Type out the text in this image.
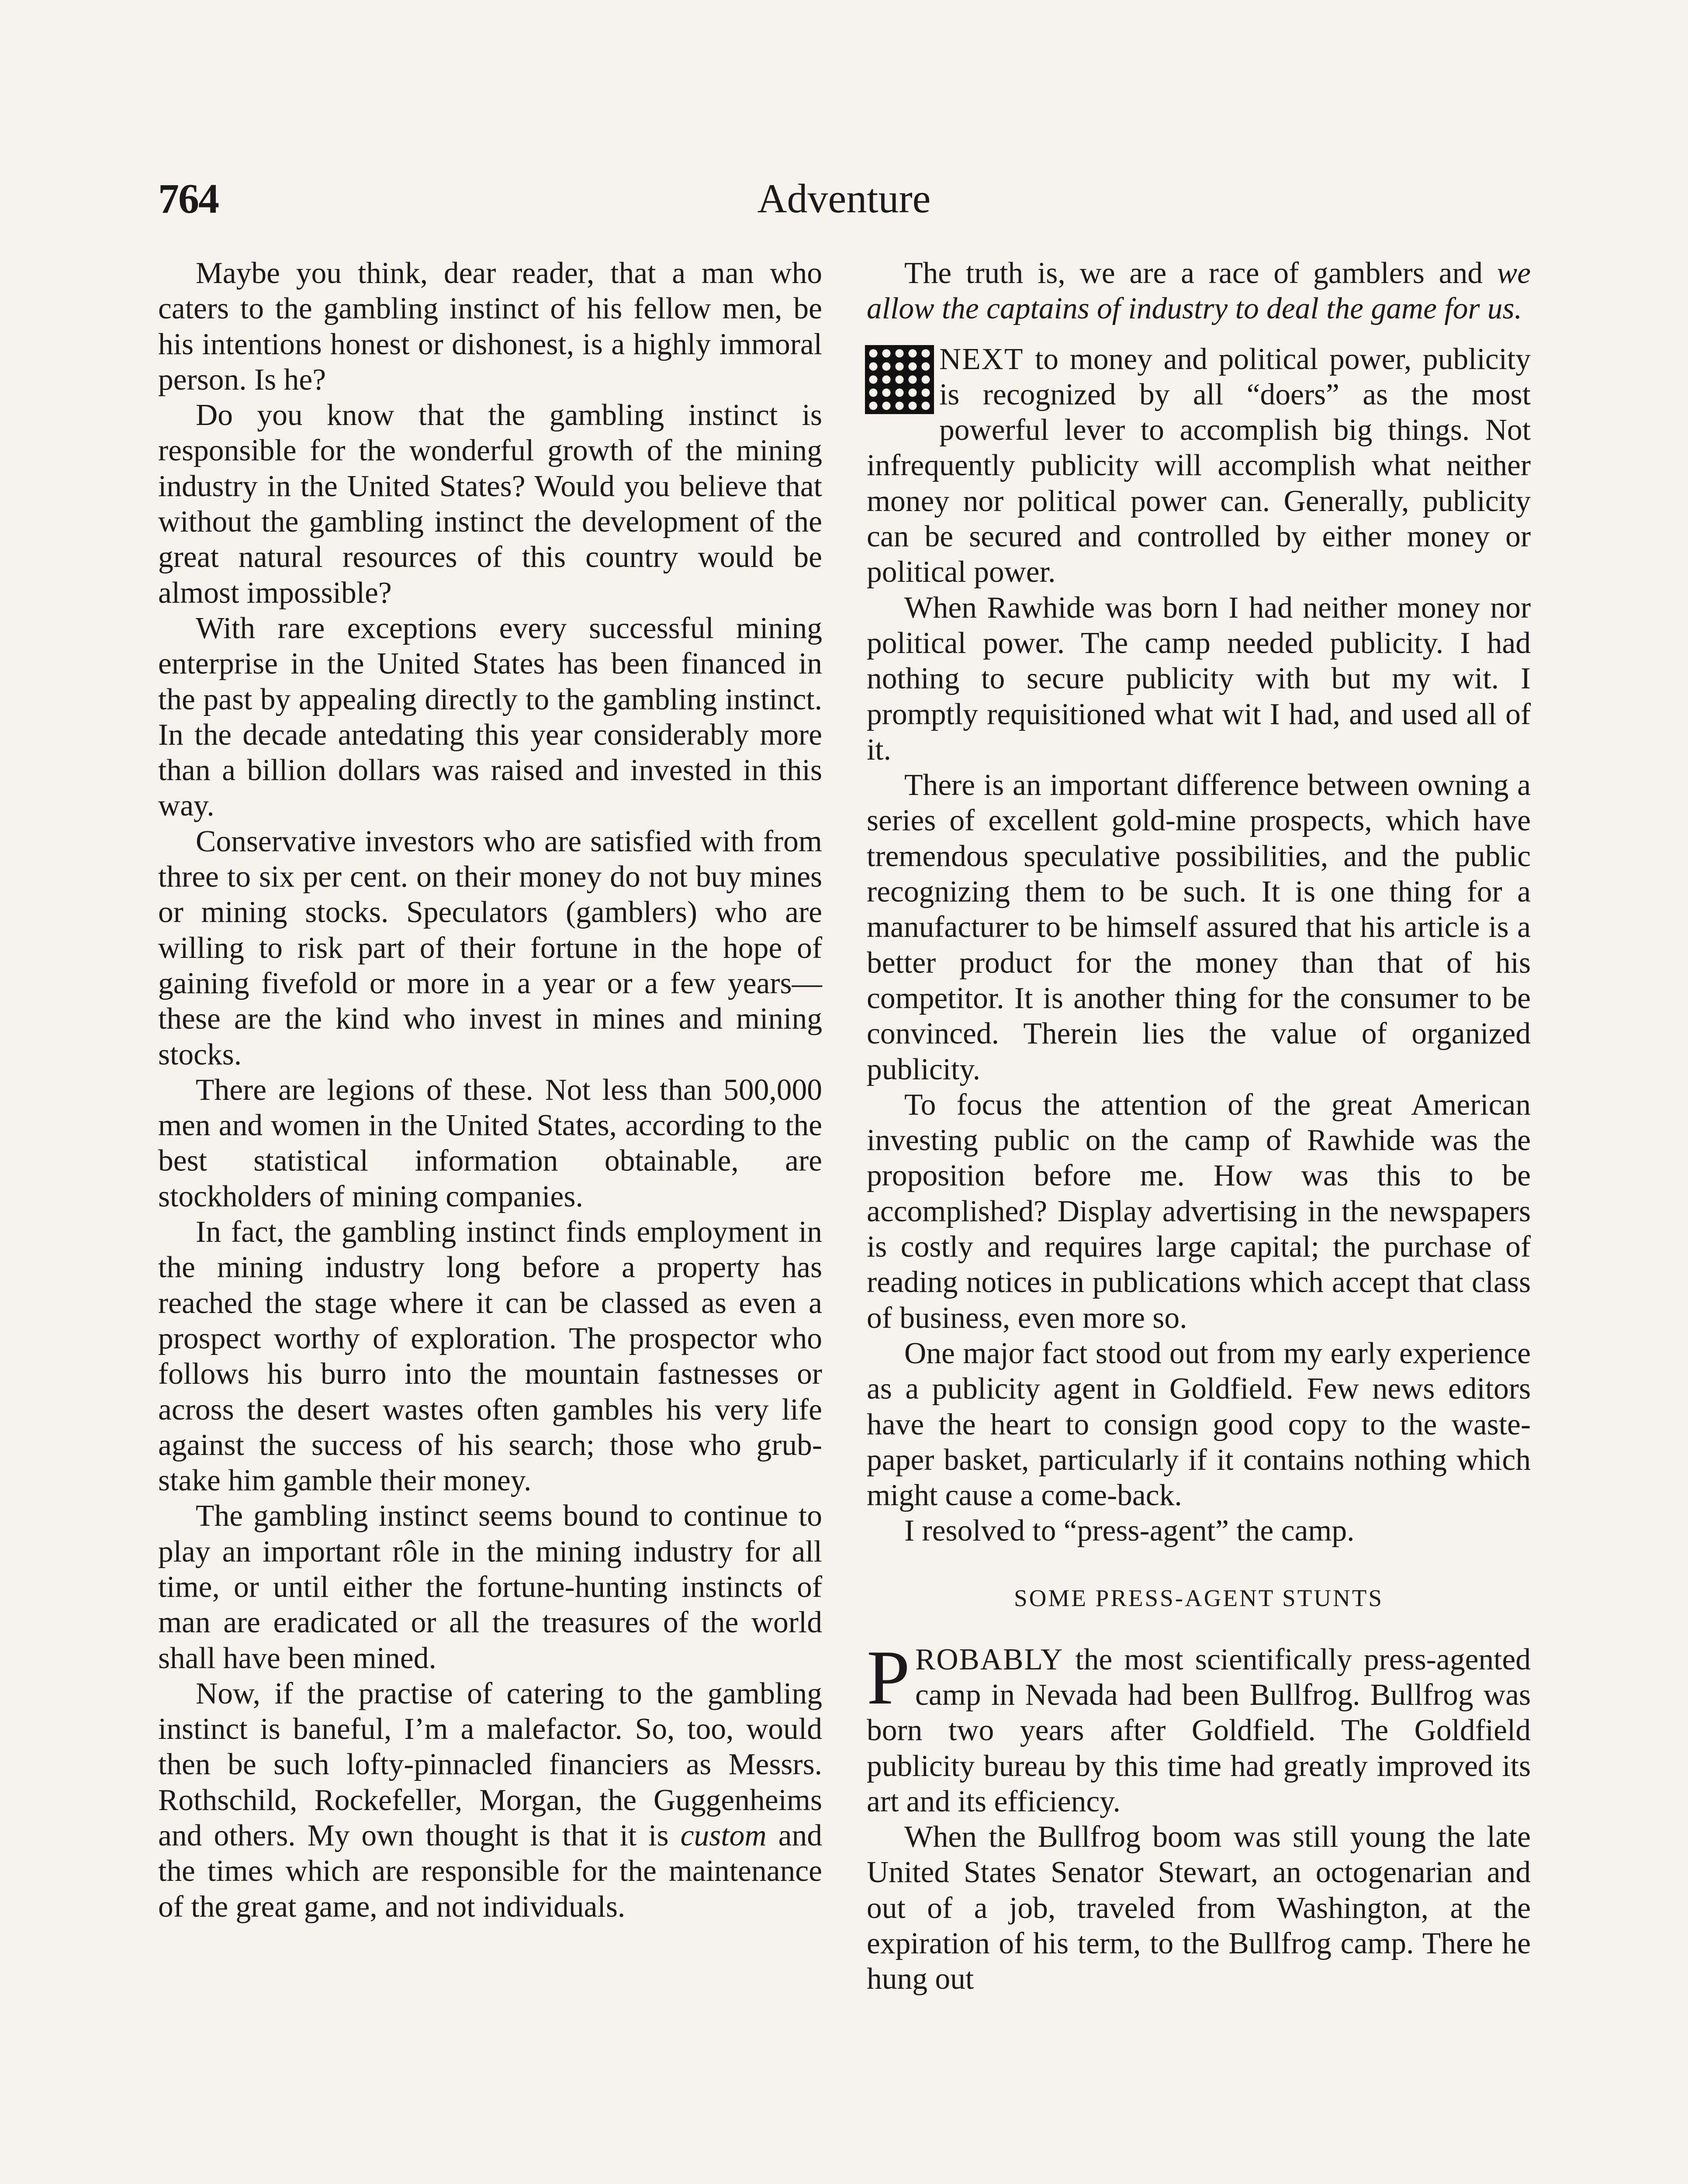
764	Adventure

Maybe you think, dear reader, that a man who caters to the gambling instinct of his fellow men, be his intentions honest or dishonest, is a highly immoral person. Is he?

Do you know that the gambling instinct is responsible for the wonderful growth of the mining industry in the United States? Would you believe that without the gambling instinct the development of the great natural resources of this country would be almost impossible?

With rare exceptions every successful mining enterprise in the United States has been financed in the past by appealing directly to the gambling instinct. In the decade antedating this year considerably more than a billion dollars was raised and invested in this way.

Conservative investors who are satisfied with from three to six per cent. on their money do not buy mines or mining stocks. Speculators (gamblers) who are willing to risk part of their fortune in the hope of gaining fivefold or more in a year or a few years—these are the kind who invest in mines and mining stocks.

There are legions of these. Not less than 500,000 men and women in the United States, according to the best statistical information obtainable, are stockholders of mining companies.

In fact, the gambling instinct finds employment in the mining industry long before a property has reached the stage where it can be classed as even a prospect worthy of exploration. The prospector who follows his burro into the mountain fastnesses or across the desert wastes often gambles his very life against the success of his search; those who grub-stake him gamble their money.

The gambling instinct seems bound to continue to play an important rôle in the mining industry for all time, or until either the fortune-hunting instincts of man are eradicated or all the treasures of the world shall have been mined.

Now, if the practise of catering to the gambling instinct is baneful, I’m a malefactor. So, too, would then be such lofty-pinnacled financiers as Messrs. Rothschild, Rockefeller, Morgan, the Guggenheims and others. My own thought is that it is custom and the times which are responsible for the maintenance of the great game, and not individuals.

The truth is, we are a race of gamblers and we allow the captains of industry to deal the game for us.

NEXT to money and political power, publicity is recognized by all “doers” as the most powerful lever to accomplish big things. Not infrequently publicity will accomplish what neither money nor political power can. Generally, publicity can be secured and controlled by either money or political power.

When Rawhide was born I had neither money nor political power. The camp needed publicity. I had nothing to secure publicity with but my wit. I promptly requisitioned what wit I had, and used all of it.

There is an important difference between owning a series of excellent gold-mine prospects, which have tremendous speculative possibilities, and the public recognizing them to be such. It is one thing for a manufacturer to be himself assured that his article is a better product for the money than that of his competitor. It is another thing for the consumer to be convinced. Therein lies the value of organized publicity.

To focus the attention of the great American investing public on the camp of Rawhide was the proposition before me. How was this to be accomplished? Display advertising in the newspapers is costly and requires large capital; the purchase of reading notices in publications which accept that class of business, even more so.

One major fact stood out from my early experience as a publicity agent in Goldfield. Few news editors have the heart to consign good copy to the waste-paper basket, particularly if it contains nothing which might cause a come-back.

I resolved to “press-agent” the camp.

SOME PRESS-AGENT STUNTS
P ROBABLY the most scientifically press-agented camp in Nevada had been Bullfrog. Bullfrog was born two years after Goldfield. The Goldfield publicity bureau by this time had greatly improved its art and its efficiency.

When the Bullfrog boom was still young the late United States Senator Stewart, an octogenarian and out of a job, traveled from Washington, at the expiration of his term, to the Bullfrog camp. There he hung out
